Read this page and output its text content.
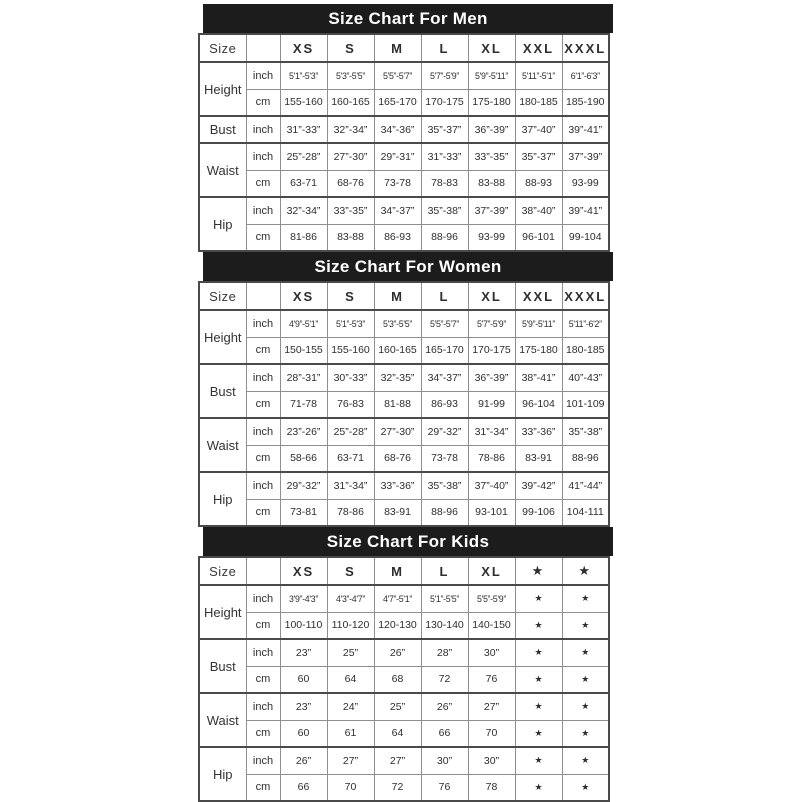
Size Chart For Men
Size		XS	S	M	L	XL	XXL	XXXL
Height	inch	5'1”-5'3”	5'3”-5'5”	5'5”-5'7”	5'7”-5'9”	5'9”-5'11”	5'11”-5'1”	6'1”-6'3”
	cm	155-160	160-165	165-170	170-175	175-180	180-185	185-190
Bust	inch	31”-33”	32”-34”	34”-36”	35”-37”	36”-39”	37”-40”	39”-41”
Waist	inch	25”-28”	27”-30”	29”-31”	31”-33”	33”-35”	35”-37”	37”-39”
	cm	63-71	68-76	73-78	78-83	83-88	88-93	93-99
Hip	inch	32”-34”	33”-35”	34”-37”	35”-38”	37”-39”	38”-40”	39”-41”
	cm	81-86	83-88	86-93	88-96	93-99	96-101	99-104
Size Chart For Women
Size		XS	S	M	L	XL	XXL	XXXL
Height	inch	4'9”-5'1”	5'1”-5'3”	5'3”-5'5”	5'5”-5'7”	5'7”-5'9”	5'9”-5'11”	5'11”-6'2”
	cm	150-155	155-160	160-165	165-170	170-175	175-180	180-185
Bust	inch	28”-31”	30”-33”	32”-35”	34”-37”	36”-39”	38”-41”	40”-43”
	cm	71-78	76-83	81-88	86-93	91-99	96-104	101-109
Waist	inch	23”-26”	25”-28”	27”-30”	29”-32”	31”-34”	33”-36”	35”-38”
	cm	58-66	63-71	68-76	73-78	78-86	83-91	88-96
Hip	inch	29”-32”	31”-34”	33”-36”	35”-38”	37”-40”	39”-42”	41”-44”
	cm	73-81	78-86	83-91	88-96	93-101	99-106	104-111
Size Chart For Kids
Size		XS	S	M	L	XL	★	★
Height	inch	3'9”-4'3”	4'3”-4'7”	4'7”-5'1”	5'1”-5'5”	5'5”-5'9”	★	★
	cm	100-110	110-120	120-130	130-140	140-150	★	★
Bust	inch	23”	25”	26”	28”	30”	★	★
	cm	60	64	68	72	76	★	★
Waist	inch	23”	24”	25”	26”	27”	★	★
	cm	60	61	64	66	70	★	★
Hip	inch	26”	27”	27”	30”	30”	★	★
	cm	66	70	72	76	78	★	★
